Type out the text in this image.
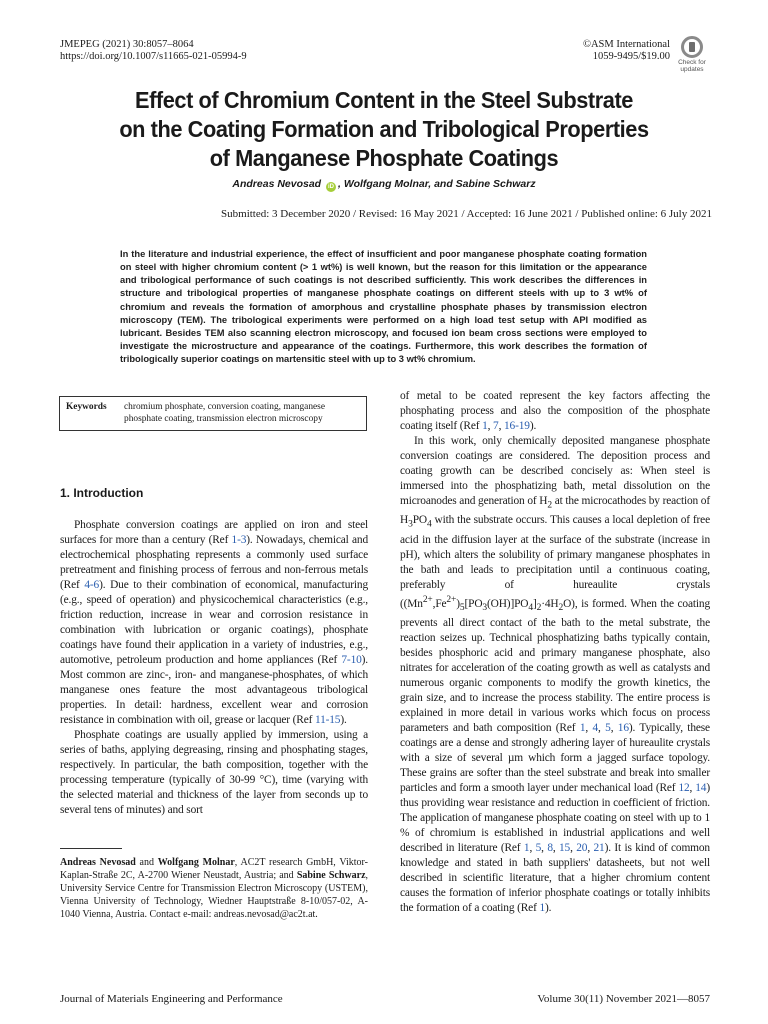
JMEPEG (2021) 30:8057–8064
https://doi.org/10.1007/s11665-021-05994-9
©ASM International
1059-9495/$19.00
Check for updates
Effect of Chromium Content in the Steel Substrate
on the Coating Formation and Tribological Properties
of Manganese Phosphate Coatings
Andreas Nevosad iD , Wolfgang Molnar, and Sabine Schwarz
Submitted: 3 December 2020 / Revised: 16 May 2021 / Accepted: 16 June 2021 / Published online: 6 July 2021
In the literature and industrial experience, the effect of insufficient and poor manganese phosphate coating formation on steel with higher chromium content (> 1 wt%) is well known, but the reason for this limitation or the appearance and tribological performance of such coatings is not described sufficiently. This work describes the differences in structure and tribological properties of manganese phosphate coatings on different steels with up to 3 wt% of chromium and reveals the formation of amorphous and crystalline phosphate phases by transmission electron microscopy (TEM). The tribological experiments were performed on a high load test setup with API modified as lubricant. Besides TEM also scanning electron microscopy, and focused ion beam cross sections were employed to investigate the microstructure and appearance of the coatings. Furthermore, this work describes the formation of tribologically superior coatings on martensitic steel with up to 3 wt% chromium.
Keywords	chromium phosphate, conversion coating, manganese phosphate coating, transmission electron microscopy
1. Introduction

Phosphate conversion coatings are applied on iron and steel surfaces for more than a century (Ref 1-3). Nowadays, chemical and electrochemical phosphating represents a commonly used surface pretreatment and finishing process of ferrous and non-ferrous metals (Ref 4-6). Due to their combination of economical, manufacturing (e.g., speed of operation) and physicochemical characteristics (e.g., friction reduction, increase in wear and corrosion resistance in combination with lubrication or organic coatings), phosphate coatings have found their application in a variety of industries, e.g., automotive, petroleum production and home appliances (Ref 7-10). Most common are zinc-, iron- and manganese-phosphates, of which manganese ones feature the most advantageous tribological properties. In detail: hardness, excellent wear and corrosion resistance in combination with oil, grease or lacquer (Ref 11-15).

Phosphate coatings are usually applied by immersion, using a series of baths, applying degreasing, rinsing and phosphating stages, respectively. In particular, the bath composition, together with the processing temperature (typically of 30-99 °C), time (varying with the selected material and thickness of the layer from seconds up to several tens of minutes) and sort

of metal to be coated represent the key factors affecting the phosphating process and also the composition of the phosphate coating itself (Ref 1, 7, 16-19).

In this work, only chemically deposited manganese phosphate conversion coatings are considered. The deposition process and coating growth can be described concisely as: When steel is immersed into the phosphatizing bath, metal dissolution on the microanodes and generation of $H_2$ at the microcathodes by reaction of $H_3PO_4$ with the substrate occurs. This causes a local depletion of free acid in the diffusion layer at the surface of the substrate (increase in pH), which alters the solubility of primary manganese phosphates in the bath and leads to precipitation until a continuous coating, preferably of hureaulite crystals $((Mn^{2+},Fe^{2+})_5[PO_3(OH)]PO_4]_2\cdot 4H_2O$), is formed. When the coating prevents all direct contact of the bath to the metal substrate, the reaction seizes up. Technical phosphatizing baths typically contain, besides phosphoric acid and primary manganese phosphate, also nitrates for acceleration of the coating growth as well as catalysts and numerous organic components to modify the growth kinetics, the grain size, and to increase the process stability. The entire process is explained in more detail in various works which focus on process parameters and bath composition (Ref 1, 4, 5, 16). Typically, these coatings are a dense and strongly adhering layer of hureaulite crystals with a size of several µm which form a jagged surface topology. These grains are softer than the steel substrate and break into smaller particles and form a smooth layer under mechanical load (Ref 12, 14) thus providing wear resistance and reduction in coefficient of friction. The application of manganese phosphate coating on steel with up to 1 % of chromium is established in industrial applications and well described in literature (Ref 1, 5, 8, 15, 20, 21). It is kind of common knowledge and stated in bath suppliers' datasheets, but not well described in scientific literature, that a higher chromium content causes the formation of inferior phosphate coatings or totally inhibits the formation of a coating (Ref 1).

Andreas Nevosad and Wolfgang Molnar, AC2T research GmbH, Viktor-Kaplan-Straße 2C, A-2700 Wiener Neustadt, Austria; and Sabine Schwarz, University Service Centre for Transmission Electron Microscopy (USTEM), Vienna University of Technology, Wiedner Hauptstraße 8-10/057-02, A-1040 Vienna, Austria. Contact e-mail: andreas.nevosad@ac2t.at.
Journal of Materials Engineering and Performance	Volume 30(11) November 2021—8057
